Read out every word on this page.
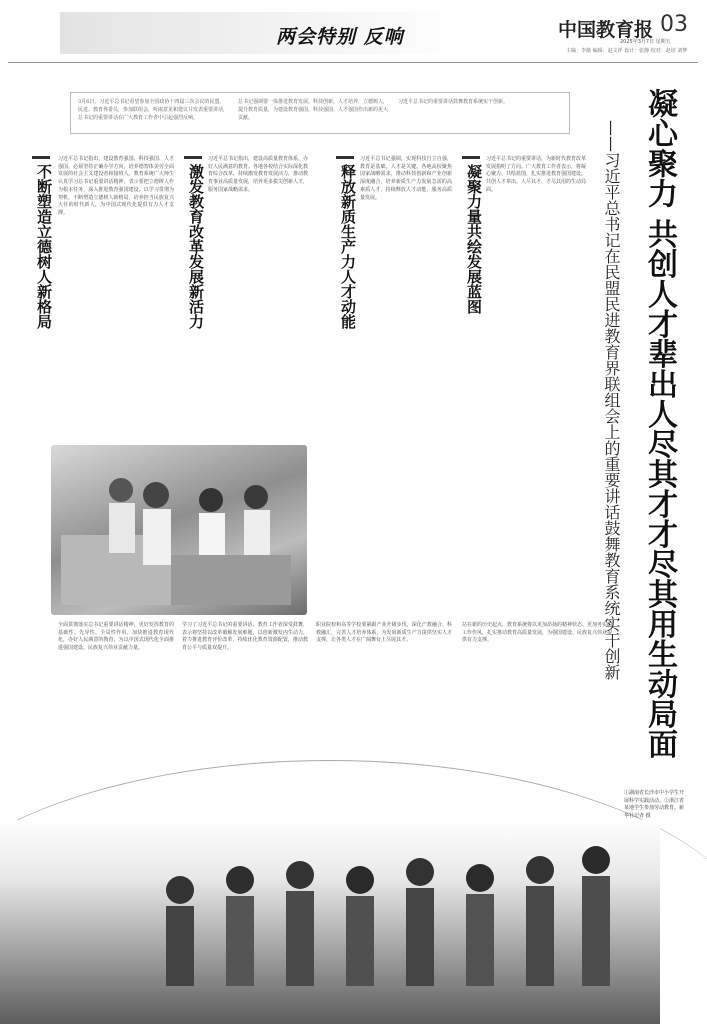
两会特别 反响	中国教育报 03
2025年3月7日 星期五
主编：李薇 编辑：赵文祥 设计：张静 校对：赵培 刘梦
3月6日，习近平总书记看望参加全国政协十四届三次会议的民盟、民进、教育界委员，参加联组会，听取意见和建议并发表重要讲话，总书记的重要讲话在广大教育工作者中引起强烈反响。
总书记强调要一体推进教育发展、科技创新、人才培养，立德树人，提升教育质量，为建设教育强国、科技强国、人才强国作出新的更大贡献。
习近平总书记的重要讲话鼓舞教育系统实干创新。	凝心聚力 共创人才辈出人尽其才才尽其用生动局面
——习近平总书记在民盟民进教育界联组会上的重要讲话鼓舞教育系统实干创新
不断塑造立德树人新格局	激发教育改革发展新活力	释放新质生产力人才动能	凝聚力量共绘发展蓝图
习近平总书记指出，建设教育强国、科技强国、人才强国，必须坚持正确办学方向，培养德智体美劳全面发展的社会主义建设者和接班人。教育系统广大师生认真学习总书记重要讲话精神，表示要把立德树人作为根本任务，深入推进教育强国建设。以学习贯彻为契机，不断塑造立德树人新格局，培养担当民族复兴大任的时代新人，为中国式现代化提供有力人才支撑。
全面贯彻落实总书记重要讲话精神，更好发挥教育的基础性、先导性、全局性作用，加快推进教育现代化，办好人民满意的教育，为以中国式现代化全面推进强国建设、民族复兴伟业贡献力量。
习近平总书记指出，建设高质量教育体系，办好人民满意的教育。各地各校结合实际深化教育综合改革，持续激发教育发展活力，推动教育事业高质量发展，培养更多拔尖创新人才，服务国家战略需求。
学习了习近平总书记的重要讲话，教育工作者深受鼓舞，表示将坚持以改革破解发展难题，以创新激发内生动力，着力推进教育评价改革，持续优化教育资源配置，推动教育公平与质量双提升。
习近平总书记强调，实现科技自立自强，教育是基础，人才是关键。各地高校聚焦国家战略需求，推动科技创新和产业创新深度融合，培养新质生产力发展急需的高素质人才，持续释放人才动能，服务高质量发展。
职业院校和高等学校要紧跟产业升级步伐，深化产教融合、科教融汇，完善人才培养体系，为发展新质生产力提供坚实人才支撑，让各类人才在广阔舞台上尽展其才。
习近平总书记的重要讲话，为新时代教育改革发展指明了方向。广大教育工作者表示，将凝心聚力、共绘蓝图，扎实推进教育强国建设，共创人才辈出、人尽其才、才尽其用的生动局面。
站在新的历史起点，教育系统将以更加昂扬的精神状态、更加务实的工作作风，扎实推动教育高质量发展，为强国建设、民族复兴伟业提供有力支撑。
①湖南省长沙市中小学生开展科学实践活动。②浙江省某地学生参加劳动教育。新华社记者 摄
